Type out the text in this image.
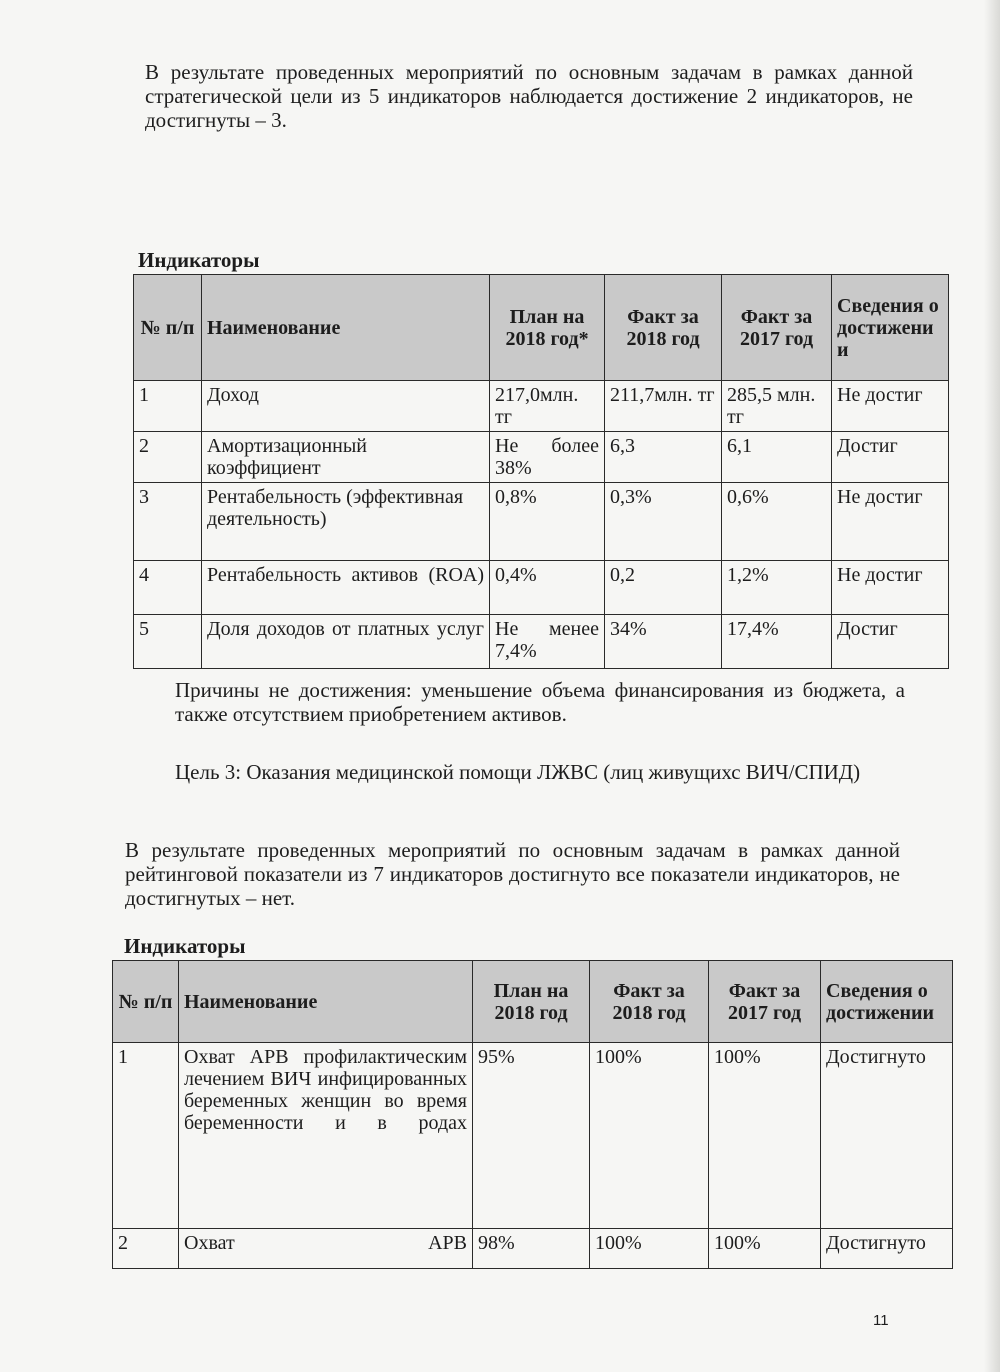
В результате проведенных мероприятий по основным задачам в рамках данной стратегической цели из 5 индикаторов наблюдается достижение 2 индикаторов, не достигнуты – 3.

Индикаторы

№ п/п	Наименование	План на 2018 год*	Факт за 2018 год	Факт за 2017 год	Сведения о достижении
1	Доход	217,0млн. тг	211,7млн. тг	285,5 млн. тг	Не достиг
2	Амортизационный коэффициент	Не более 38%	6,3	6,1	Достиг
3	Рентабельность (эффективная деятельность)	0,8%	0,3%	0,6%	Не достиг
4	Рентабельность активов (ROA)	0,4%	0,2	1,2%	Не достиг
5	Доля доходов от платных услуг	Не менее 7,4%	34%	17,4%	Достиг

Причины не достижения: уменьшение объема финансирования из бюджета, а также отсутствием приобретением активов.

Цель 3: Оказания медицинской помощи ЛЖВС (лиц живущихс ВИЧ/СПИД)

В результате проведенных мероприятий по основным задачам в рамках данной рейтинговой показатели из 7 индикаторов достигнуто все показатели индикаторов, не достигнутых – нет.

Индикаторы

№ п/п	Наименование	План на 2018 год	Факт за 2018 год	Факт за 2017 год	Сведения о достижении
1	Охват АРВ профилактическим лечением ВИЧ инфицированных беременных женщин во время беременности и в родах	95%	100%	100%	Достигнуто
2	Охват АРВ	98%	100%	100%	Достигнуто
11
